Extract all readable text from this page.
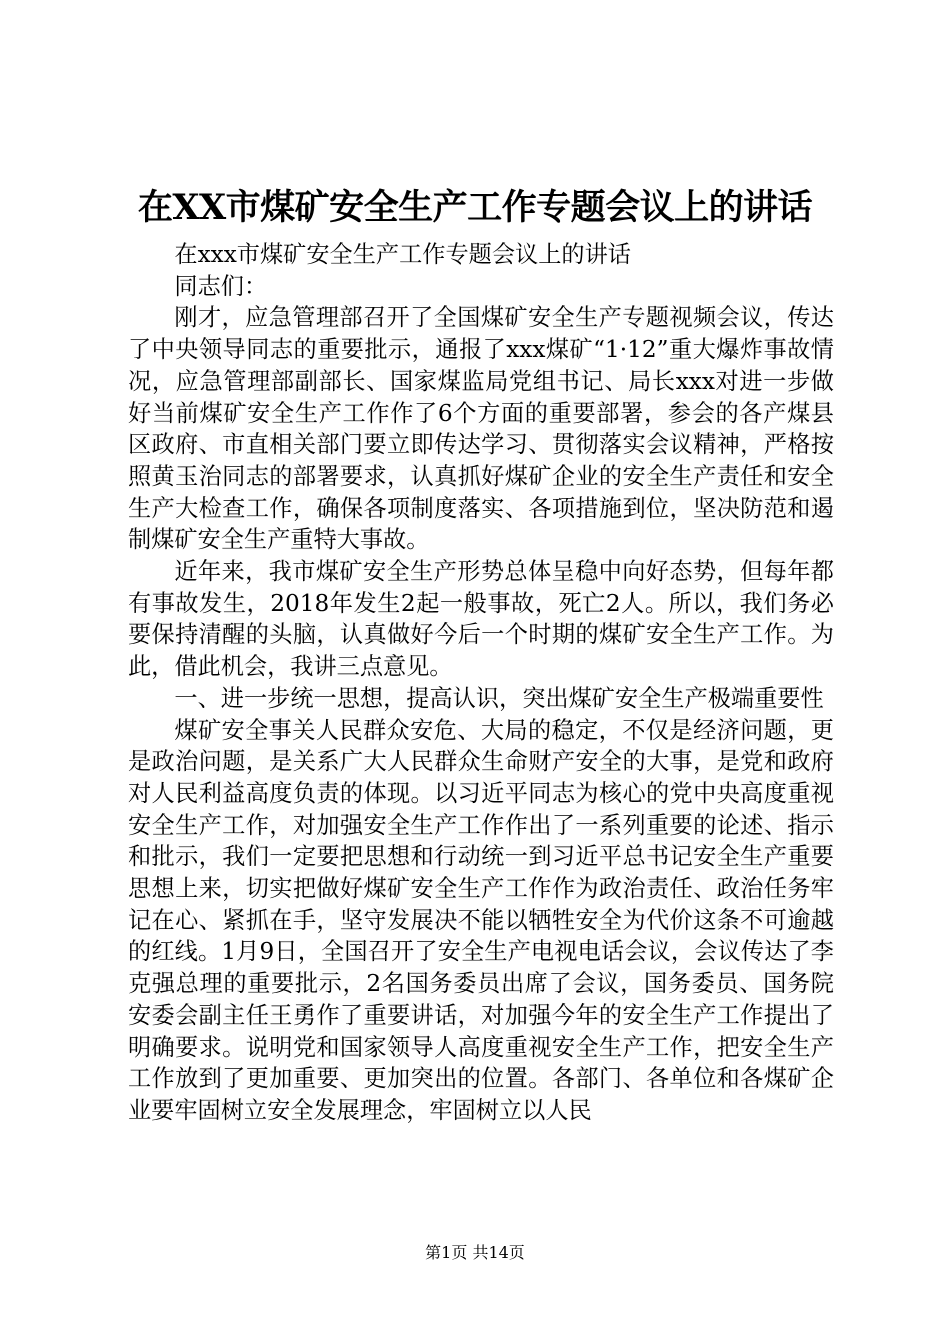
在XX市煤矿安全生产工作专题会议上的讲话

在xxx市煤矿安全生产工作专题会议上的讲话

同志们：

刚才，应急管理部召开了全国煤矿安全生产专题视频会议，传达了中央领导同志的重要批示，通报了xxx煤矿“1·12”重大爆炸事故情况，应急管理部副部长、国家煤监局党组书记、局长xxx对进一步做好当前煤矿安全生产工作作了6个方面的重要部署，参会的各产煤县区政府、市直相关部门要立即传达学习、贯彻落实会议精神，严格按照黄玉治同志的部署要求，认真抓好煤矿企业的安全生产责任和安全生产大检查工作，确保各项制度落实、各项措施到位，坚决防范和遏制煤矿安全生产重特大事故。

近年来，我市煤矿安全生产形势总体呈稳中向好态势，但每年都有事故发生，2018年发生2起一般事故，死亡2人。所以，我们务必要保持清醒的头脑，认真做好今后一个时期的煤矿安全生产工作。为此，借此机会，我讲三点意见。

一、进一步统一思想，提高认识，突出煤矿安全生产极端重要性

煤矿安全事关人民群众安危、大局的稳定，不仅是经济问题，更是政治问题，是关系广大人民群众生命财产安全的大事，是党和政府对人民利益高度负责的体现。以习近平同志为核心的党中央高度重视安全生产工作，对加强安全生产工作作出了一系列重要的论述、指示和批示，我们一定要把思想和行动统一到习近平总书记安全生产重要思想上来，切实把做好煤矿安全生产工作作为政治责任、政治任务牢记在心、紧抓在手，坚守发展决不能以牺牲安全为代价这条不可逾越的红线。1月9日，全国召开了安全生产电视电话会议，会议传达了李克强总理的重要批示，2名国务委员出席了会议，国务委员、国务院安委会副主任王勇作了重要讲话，对加强今年的安全生产工作提出了明确要求。说明党和国家领导人高度重视安全生产工作，把安全生产工作放到了更加重要、更加突出的位置。各部门、各单位和各煤矿企业要牢固树立安全发展理念，牢固树立以人民

第1页 共14页
